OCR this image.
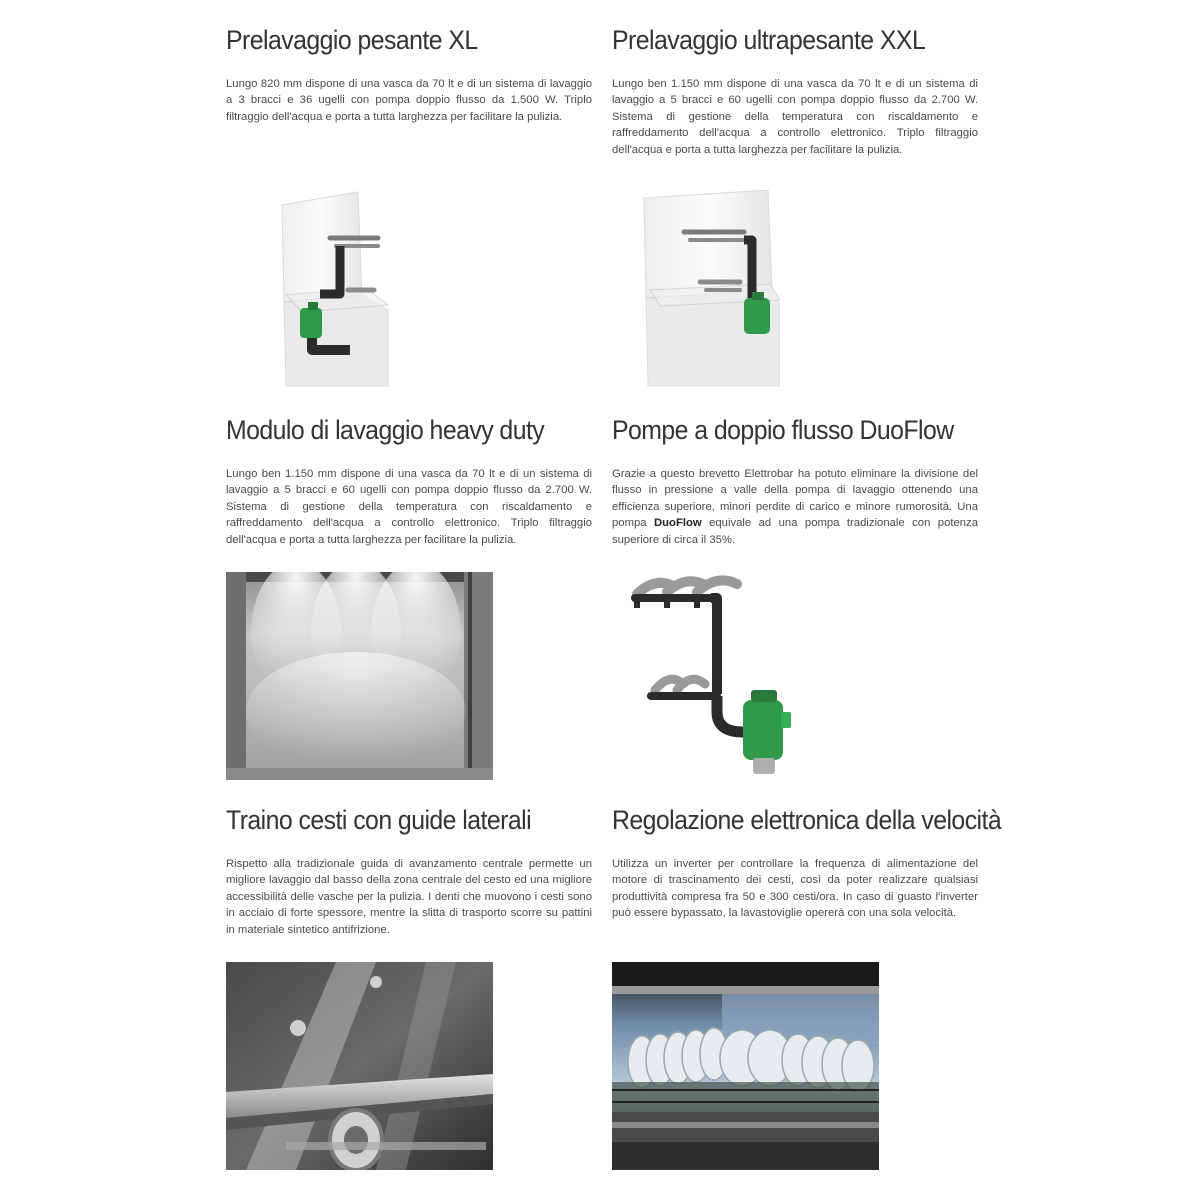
Prelavaggio pesante XL

Lungo 820 mm dispone di una vasca da 70 lt e di un sistema di lavaggio a 3 bracci e 36 ugelli con pompa doppio flusso da 1.500 W. Triplo filtraggio dell'acqua e porta a tutta larghezza per facilitare la pulizia.

Prelavaggio ultrapesante XXL

Lungo ben 1.150 mm dispone di una vasca da 70 lt e di un sistema di lavaggio a 5 bracci e 60 ugelli con pompa doppio flusso da 2.700 W. Sistema di gestione della temperatura con riscaldamento e raffreddamento dell'acqua a controllo elettronico. Triplo filtraggio dell'acqua e porta a tutta larghezza per facilitare la pulizia.

Modulo di lavaggio heavy duty

Lungo ben 1.150 mm dispone di una vasca da 70 lt e di un sistema di lavaggio a 5 bracci e 60 ugelli con pompa doppio flusso da 2.700 W. Sistema di gestione della temperatura con riscaldamento e raffreddamento dell'acqua a controllo elettronico. Triplo filtraggio dell'acqua e porta a tutta larghezza per facilitare la pulizia.

Pompe a doppio flusso DuoFlow

Grazie a questo brevetto Elettrobar ha potuto eliminare la divisione del flusso in pressione a valle della pompa di lavaggio ottenendo una efficienza superiore, minori perdite di carico e minore rumorosità. Una pompa DuoFlow equivale ad una pompa tradizionale con potenza superiore di circa il 35%.

Traino cesti con guide laterali

Rispetto alla tradizionale guida di avanzamento centrale permette un migliore lavaggio dal basso della zona centrale del cesto ed una migliore accessibilità delle vasche per la pulizia. I denti che muovono i cesti sono in acciaio di forte spessore, mentre la slitta di trasporto scorre su pattini in materiale sintetico antifrizione.

Regolazione elettronica della velocità

Utilizza un inverter per controllare la frequenza di alimentazione del motore di trascinamento dei cesti, così da poter realizzare qualsiasi produttività compresa fra 50 e 300 cesti/ora. In caso di guasto l'inverter può essere bypassato, la lavastoviglie opererà con una sola velocità.
